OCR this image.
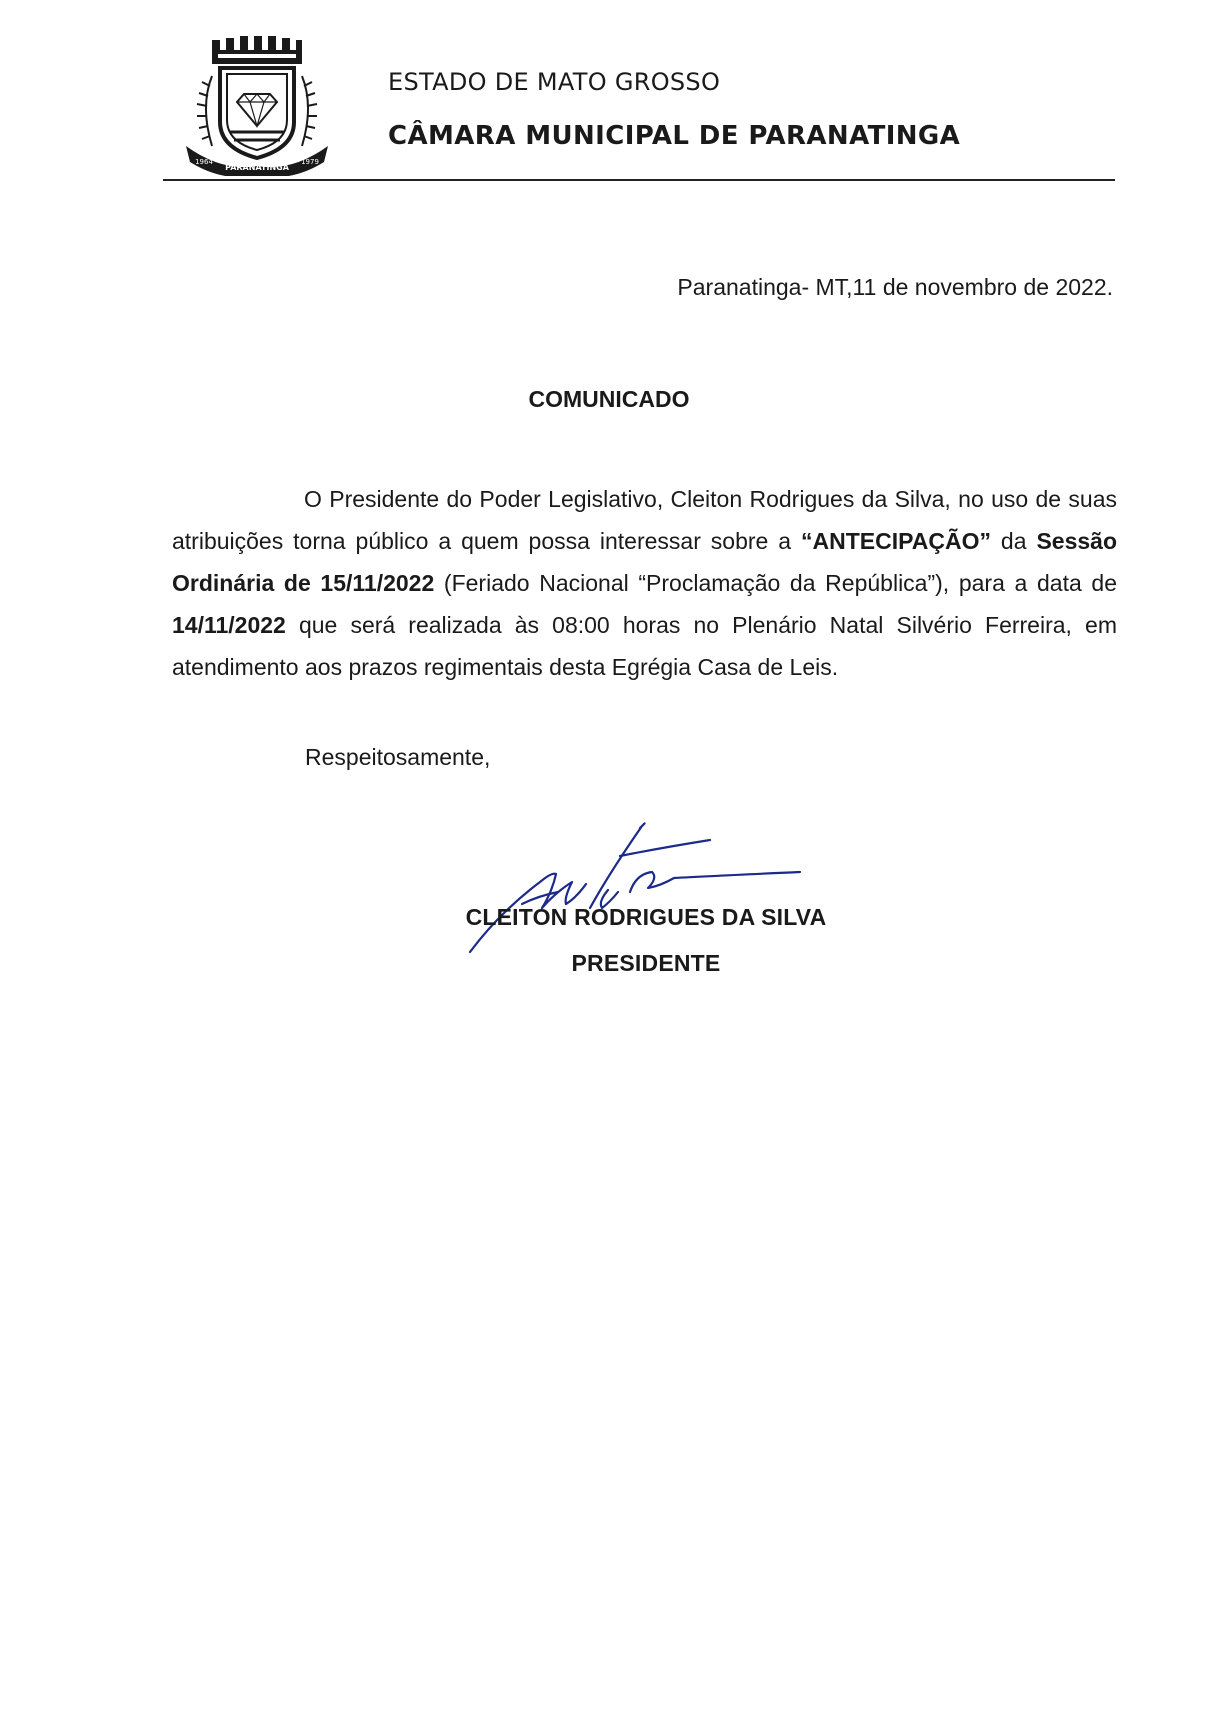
PARANATINGA
1964	1979
ESTADO DE MATO GROSSO
CÂMARA MUNICIPAL DE PARANATINGA
Paranatinga- MT,11 de novembro de 2022.
COMUNICADO

O Presidente do Poder Legislativo, Cleiton Rodrigues da Silva, no uso de suas atribuições torna público a quem possa interessar sobre a “ANTECIPAÇÃO” da Sessão Ordinária de 15/11/2022 (Feriado Nacional “Proclamação da República”), para a data de 14/11/2022 que será realizada às 08:00 horas no Plenário Natal Silvério Ferreira, em atendimento aos prazos regimentais desta Egrégia Casa de Leis.

Respeitosamente,
CLEITON RODRIGUES DA SILVA
PRESIDENTE
